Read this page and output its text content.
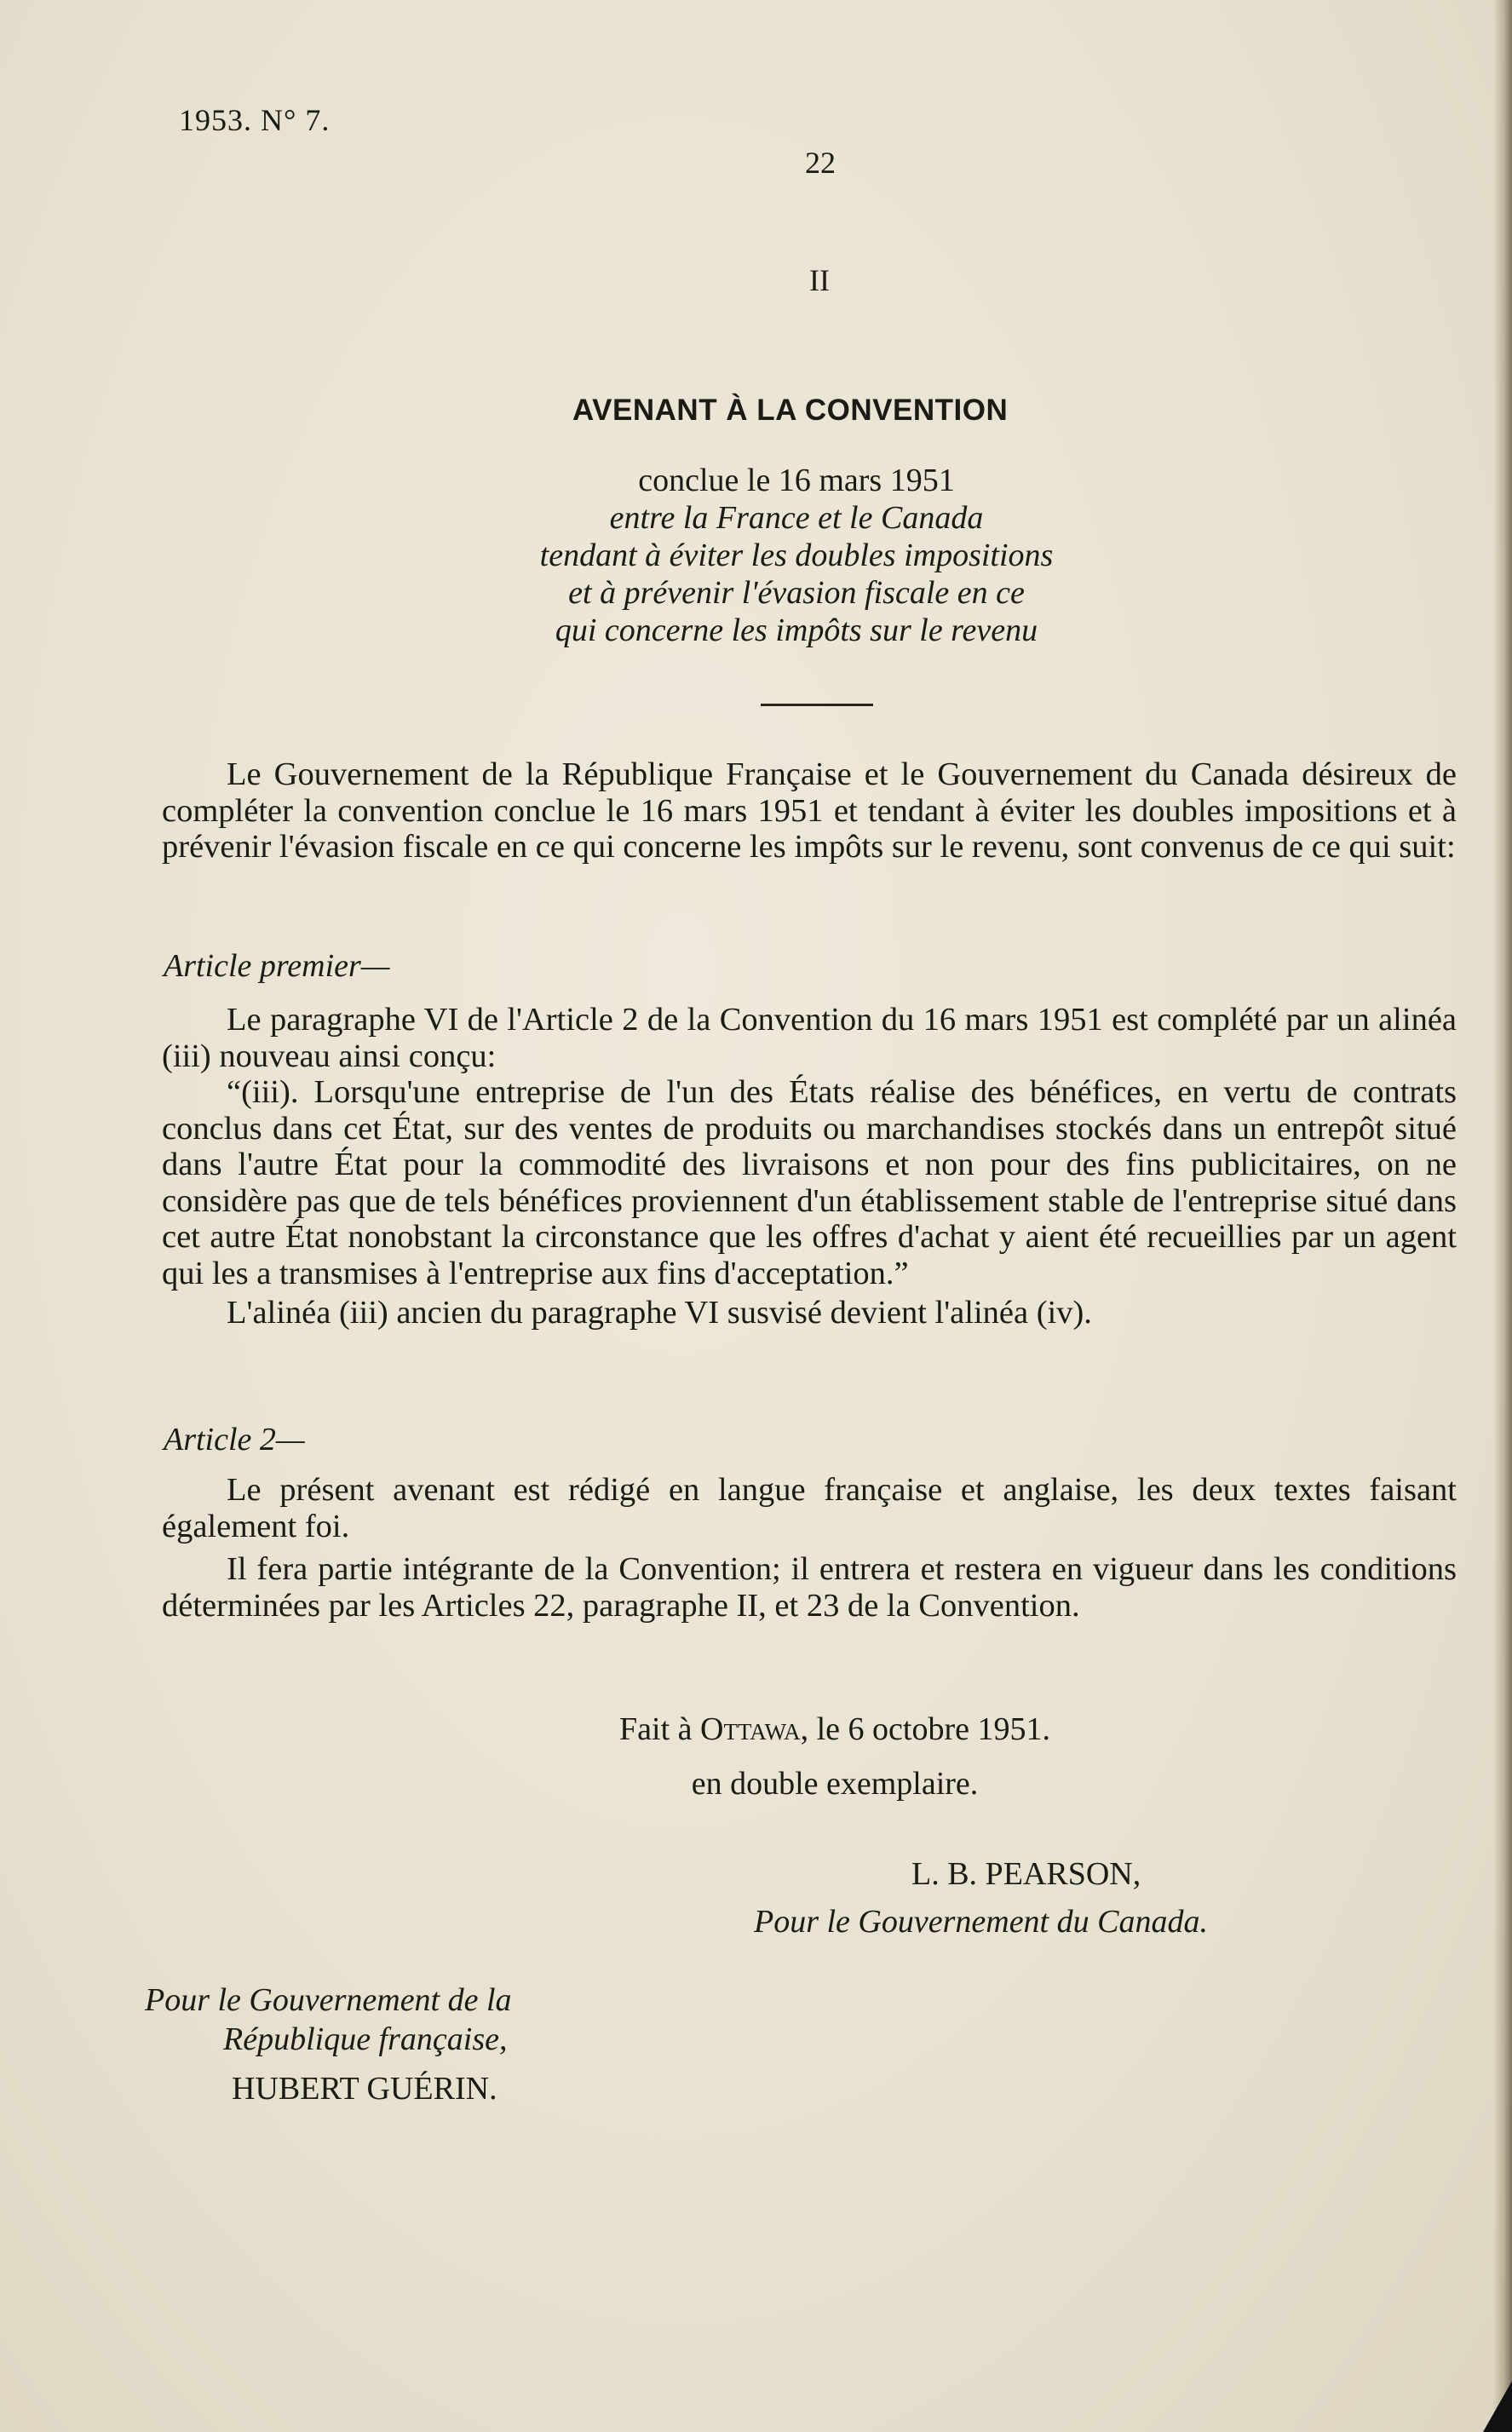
1953. N° 7.
22
II
AVENANT À LA CONVENTION
conclue le 16 mars 1951
entre la France et le Canada
tendant à éviter les doubles impositions
et à prévenir l'évasion fiscale en ce
qui concerne les impôts sur le revenu

Le Gouvernement de la République Française et le Gouvernement du Canada désireux de compléter la convention conclue le 16 mars 1951 et tendant à éviter les doubles impositions et à prévenir l'évasion fiscale en ce qui concerne les impôts sur le revenu, sont convenus de ce qui suit:

Article premier—

Le paragraphe VI de l'Article 2 de la Convention du 16 mars 1951 est complété par un alinéa (iii) nouveau ainsi conçu:

“(iii). Lorsqu'une entreprise de l'un des États réalise des bénéfices, en vertu de contrats conclus dans cet État, sur des ventes de produits ou marchandises stockés dans un entrepôt situé dans l'autre État pour la commodité des livraisons et non pour des fins publicitaires, on ne considère pas que de tels bénéfices proviennent d'un établissement stable de l'entreprise situé dans cet autre État nonobstant la circonstance que les offres d'achat y aient été recueillies par un agent qui les a transmises à l'entreprise aux fins d'acceptation.”

L'alinéa (iii) ancien du paragraphe VI susvisé devient l'alinéa (iv).

Article 2—

Le présent avenant est rédigé en langue française et anglaise, les deux textes faisant également foi.

Il fera partie intégrante de la Convention; il entrera et restera en vigueur dans les conditions déterminées par les Articles 22, paragraphe II, et 23 de la Convention.

Fait à Ottawa, le 6 octobre 1951.
en double exemplaire.
L. B. PEARSON,
Pour le Gouvernement du Canada.
Pour le Gouvernement de la
République française,
HUBERT GUÉRIN.
